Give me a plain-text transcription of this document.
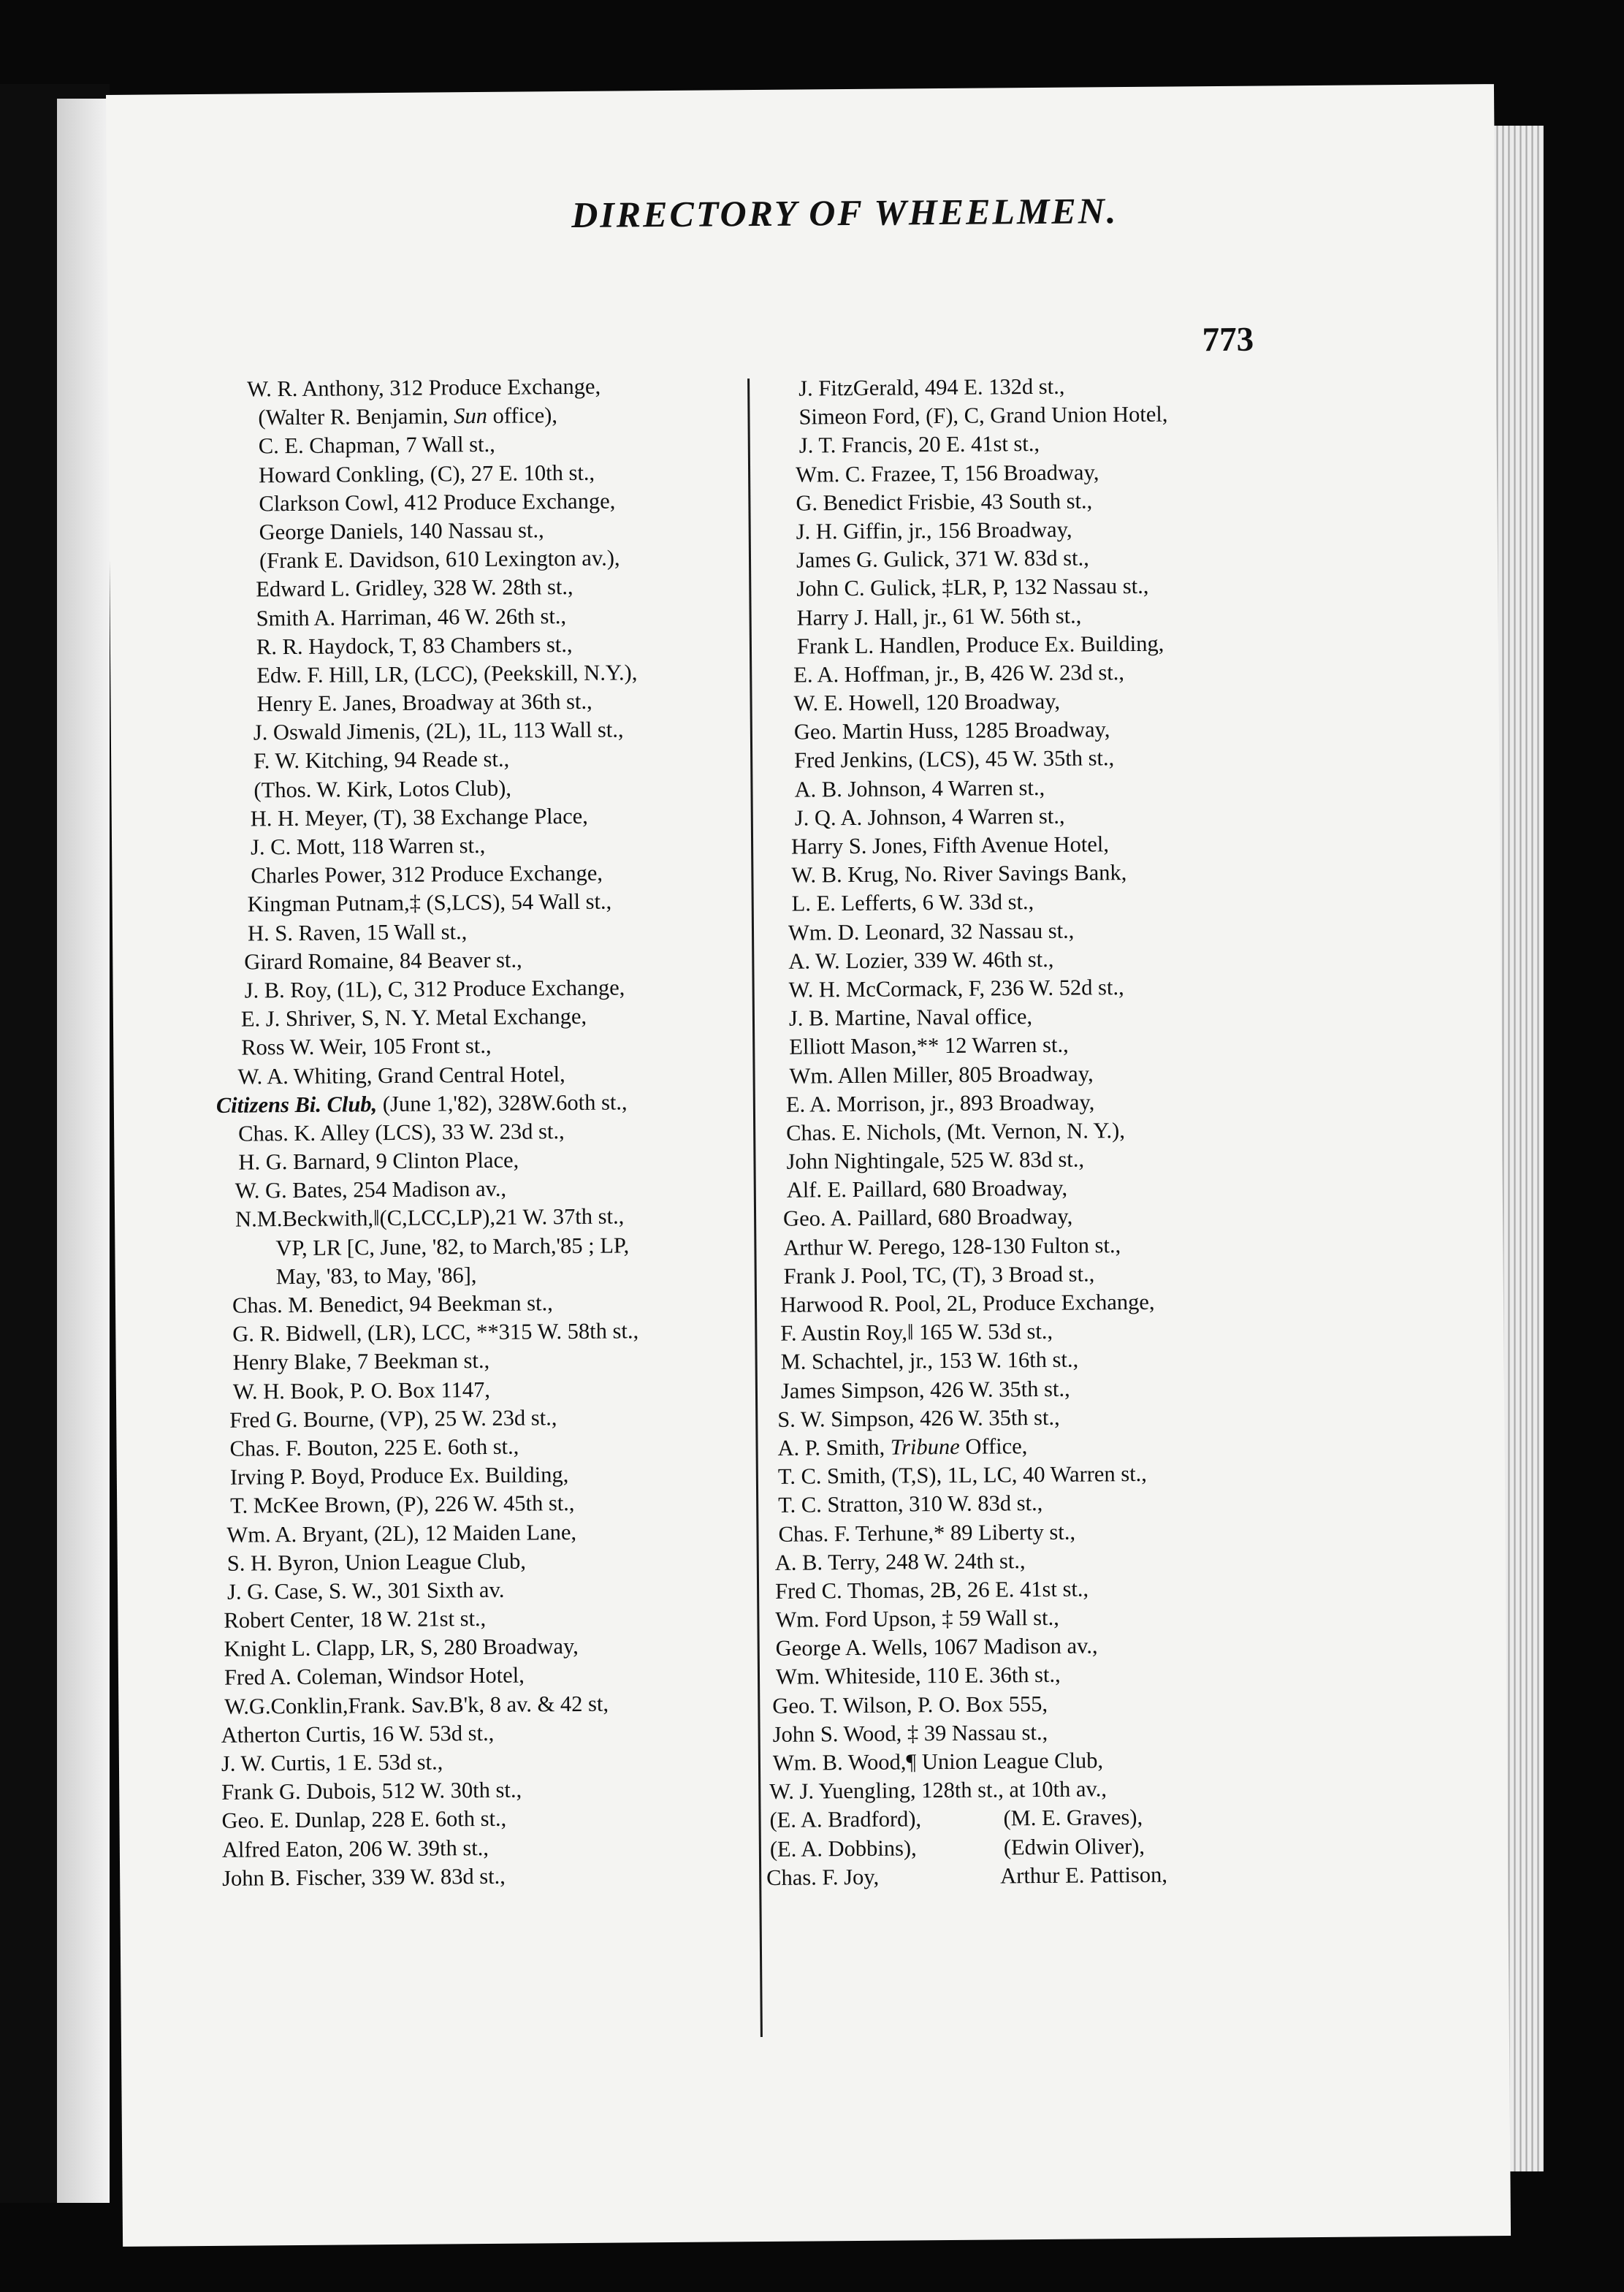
DIRECTORY OF WHEELMEN.
773
W. R. Anthony, 312 Produce Exchange,
(Walter R. Benjamin, Sun office),
C. E. Chapman, 7 Wall st.,
Howard Conkling, (C), 27 E. 10th st.,
Clarkson Cowl, 412 Produce Exchange,
George Daniels, 140 Nassau st.,
(Frank E. Davidson, 610 Lexington av.),
Edward L. Gridley, 328 W. 28th st.,
Smith A. Harriman, 46 W. 26th st.,
R. R. Haydock, T, 83 Chambers st.,
Edw. F. Hill, LR, (LCC), (Peekskill, N.Y.),
Henry E. Janes, Broadway at 36th st.,
J. Oswald Jimenis, (2L), 1L, 113 Wall st.,
F. W. Kitching, 94 Reade st.,
(Thos. W. Kirk, Lotos Club),
H. H. Meyer, (T), 38 Exchange Place,
J. C. Mott, 118 Warren st.,
Charles Power, 312 Produce Exchange,
Kingman Putnam,‡ (S,LCS), 54 Wall st.,
H. S. Raven, 15 Wall st.,
Girard Romaine, 84 Beaver st.,
J. B. Roy, (1L), C, 312 Produce Exchange,
E. J. Shriver, S, N. Y. Metal Exchange,
Ross W. Weir, 105 Front st.,
W. A. Whiting, Grand Central Hotel,
Citizens Bi. Club, (June 1,'82), 328W.6oth st.,
Chas. K. Alley (LCS), 33 W. 23d st.,
H. G. Barnard, 9 Clinton Place,
W. G. Bates, 254 Madison av.,
N.M.Beckwith,‖(C,LCC,LP),21 W. 37th st.,
VP, LR [C, June, '82, to March,'85 ; LP,
May, '83, to May, '86],
Chas. M. Benedict, 94 Beekman st.,
G. R. Bidwell, (LR), LCC, **315 W. 58th st.,
Henry Blake, 7 Beekman st.,
W. H. Book, P. O. Box 1147,
Fred G. Bourne, (VP), 25 W. 23d st.,
Chas. F. Bouton, 225 E. 6oth st.,
Irving P. Boyd, Produce Ex. Building,
T. McKee Brown, (P), 226 W. 45th st.,
Wm. A. Bryant, (2L), 12 Maiden Lane,
S. H. Byron, Union League Club,
J. G. Case, S. W., 301 Sixth av.
Robert Center, 18 W. 21st st.,
Knight L. Clapp, LR, S, 280 Broadway,
Fred A. Coleman, Windsor Hotel,
W.G.Conklin,Frank. Sav.B'k, 8 av. & 42 st,
Atherton Curtis, 16 W. 53d st.,
J. W. Curtis, 1 E. 53d st.,
Frank G. Dubois, 512 W. 30th st.,
Geo. E. Dunlap, 228 E. 6oth st.,
Alfred Eaton, 206 W. 39th st.,
John B. Fischer, 339 W. 83d st.,
J. FitzGerald, 494 E. 132d st.,
Simeon Ford, (F), C, Grand Union Hotel,
J. T. Francis, 20 E. 41st st.,
Wm. C. Frazee, T, 156 Broadway,
G. Benedict Frisbie, 43 South st.,
J. H. Giffin, jr., 156 Broadway,
James G. Gulick, 371 W. 83d st.,
John C. Gulick, ‡LR, P, 132 Nassau st.,
Harry J. Hall, jr., 61 W. 56th st.,
Frank L. Handlen, Produce Ex. Building,
E. A. Hoffman, jr., B, 426 W. 23d st.,
W. E. Howell, 120 Broadway,
Geo. Martin Huss, 1285 Broadway,
Fred Jenkins, (LCS), 45 W. 35th st.,
A. B. Johnson, 4 Warren st.,
J. Q. A. Johnson, 4 Warren st.,
Harry S. Jones, Fifth Avenue Hotel,
W. B. Krug, No. River Savings Bank,
L. E. Lefferts, 6 W. 33d st.,
Wm. D. Leonard, 32 Nassau st.,
A. W. Lozier, 339 W. 46th st.,
W. H. McCormack, F, 236 W. 52d st.,
J. B. Martine, Naval office,
Elliott Mason,** 12 Warren st.,
Wm. Allen Miller, 805 Broadway,
E. A. Morrison, jr., 893 Broadway,
Chas. E. Nichols, (Mt. Vernon, N. Y.),
John Nightingale, 525 W. 83d st.,
Alf. E. Paillard, 680 Broadway,
Geo. A. Paillard, 680 Broadway,
Arthur W. Perego, 128-130 Fulton st.,
Frank J. Pool, TC, (T), 3 Broad st.,
Harwood R. Pool, 2L, Produce Exchange,
F. Austin Roy,‖ 165 W. 53d st.,
M. Schachtel, jr., 153 W. 16th st.,
James Simpson, 426 W. 35th st.,
S. W. Simpson, 426 W. 35th st.,
A. P. Smith, Tribune Office,
T. C. Smith, (T,S), 1L, LC, 40 Warren st.,
T. C. Stratton, 310 W. 83d st.,
Chas. F. Terhune,* 89 Liberty st.,
A. B. Terry, 248 W. 24th st.,
Fred C. Thomas, 2B, 26 E. 41st st.,
Wm. Ford Upson, ‡ 59 Wall st.,
George A. Wells, 1067 Madison av.,
Wm. Whiteside, 110 E. 36th st.,
Geo. T. Wilson, P. O. Box 555,
John S. Wood, ‡ 39 Nassau st.,
Wm. B. Wood,¶ Union League Club,
W. J. Yuengling, 128th st., at 10th av.,
(E. A. Bradford),	(M. E. Graves),
(E. A. Dobbins),	(Edwin Oliver),
Chas. F. Joy,	Arthur E. Pattison,
